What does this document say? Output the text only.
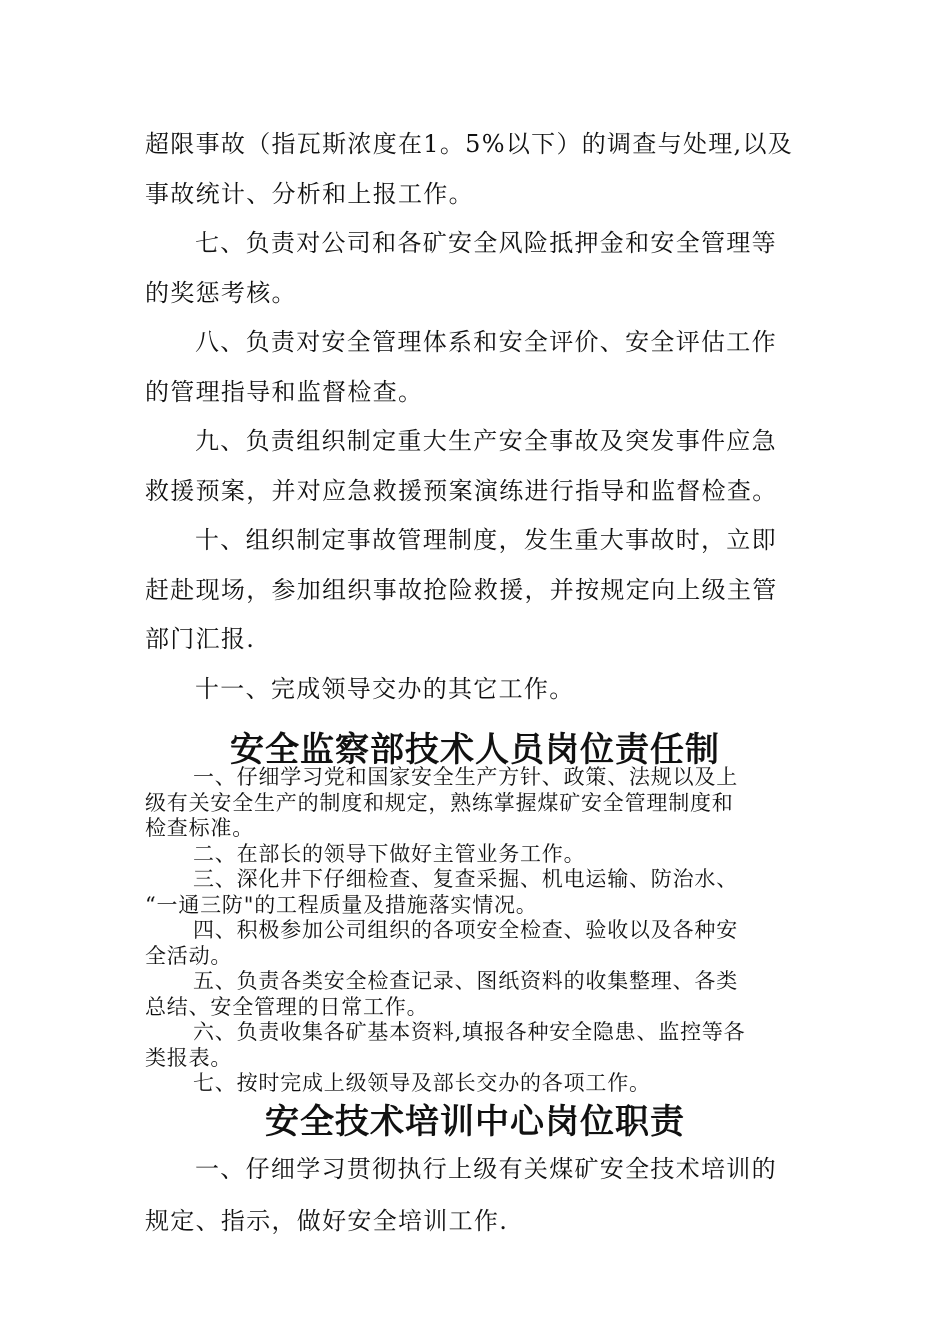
超限事故（指瓦斯浓度在1。5%以下）的调查与处理,以及

事故统计、分析和上报工作。

七、负责对公司和各矿安全风险抵押金和安全管理等

的奖惩考核。

八、负责对安全管理体系和安全评价、安全评估工作

的管理指导和监督检查。

九、负责组织制定重大生产安全事故及突发事件应急

救援预案，并对应急救援预案演练进行指导和监督检查。

十、组织制定事故管理制度，发生重大事故时，立即

赶赴现场，参加组织事故抢险救援，并按规定向上级主管

部门汇报.

十一、完成领导交办的其它工作。

安全监察部技术人员岗位责任制

一、仔细学习党和国家安全生产方针、政策、法规以及上

级有关安全生产的制度和规定，熟练掌握煤矿安全管理制度和

检查标准。

二、在部长的领导下做好主管业务工作。

三、深化井下仔细检查、复查采掘、机电运输、防治水、

“一通三防"的工程质量及措施落实情况。

四、积极参加公司组织的各项安全检查、验收以及各种安

全活动。

五、负责各类安全检查记录、图纸资料的收集整理、各类

总结、安全管理的日常工作。

六、负责收集各矿基本资料,填报各种安全隐患、监控等各

类报表。

七、按时完成上级领导及部长交办的各项工作。

安全技术培训中心岗位职责

一、仔细学习贯彻执行上级有关煤矿安全技术培训的

规定、指示，做好安全培训工作.
